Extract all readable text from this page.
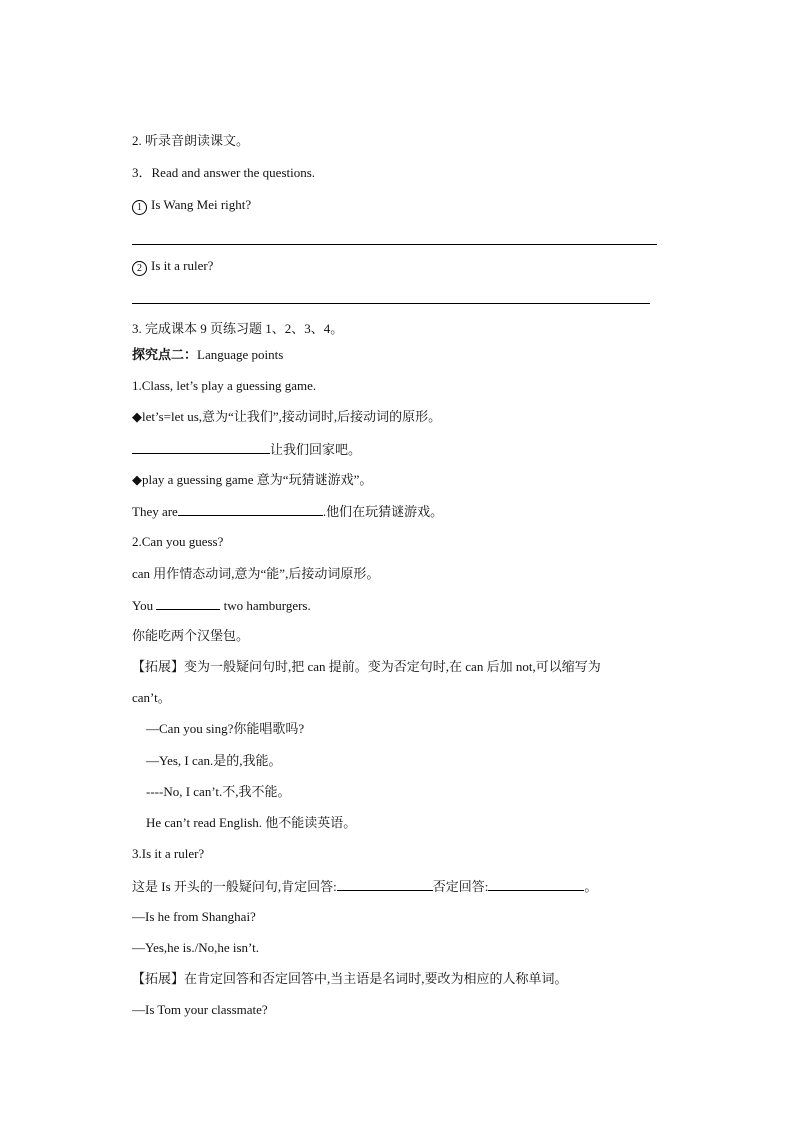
2. 听录音朗读课文。
3．Read and answer the questions.
1 Is Wang Mei right?
2 Is it a ruler?
3. 完成课本 9 页练习题 1、2、3、4。
探究点二：Language points
1.Class, let’s play a guessing game.
◆let’s=let us,意为“让我们”,接动词时,后接动词的原形。
让我们回家吧。
◆play a guessing game 意为“玩猜谜游戏”。
They are	.他们在玩猜谜游戏。
2.Can you guess?
can 用作情态动词,意为“能”,后接动词原形。
You	two hamburgers.
你能吃两个汉堡包。
【拓展】变为一般疑问句时,把 can 提前。变为否定句时,在 can 后加 not,可以缩写为
can’t。
—Can you sing?你能唱歌吗?
—Yes, I can.是的,我能。
----No, I can’t.不,我不能。
He can’t read English. 他不能读英语。
3.Is it a ruler?
这是 Is 开头的一般疑问句,肯定回答:	否定回答:	。
—Is he from Shanghai?
—Yes,he is./No,he isn’t.
【拓展】在肯定回答和否定回答中,当主语是名词时,要改为相应的人称单词。
—Is Tom your classmate?
